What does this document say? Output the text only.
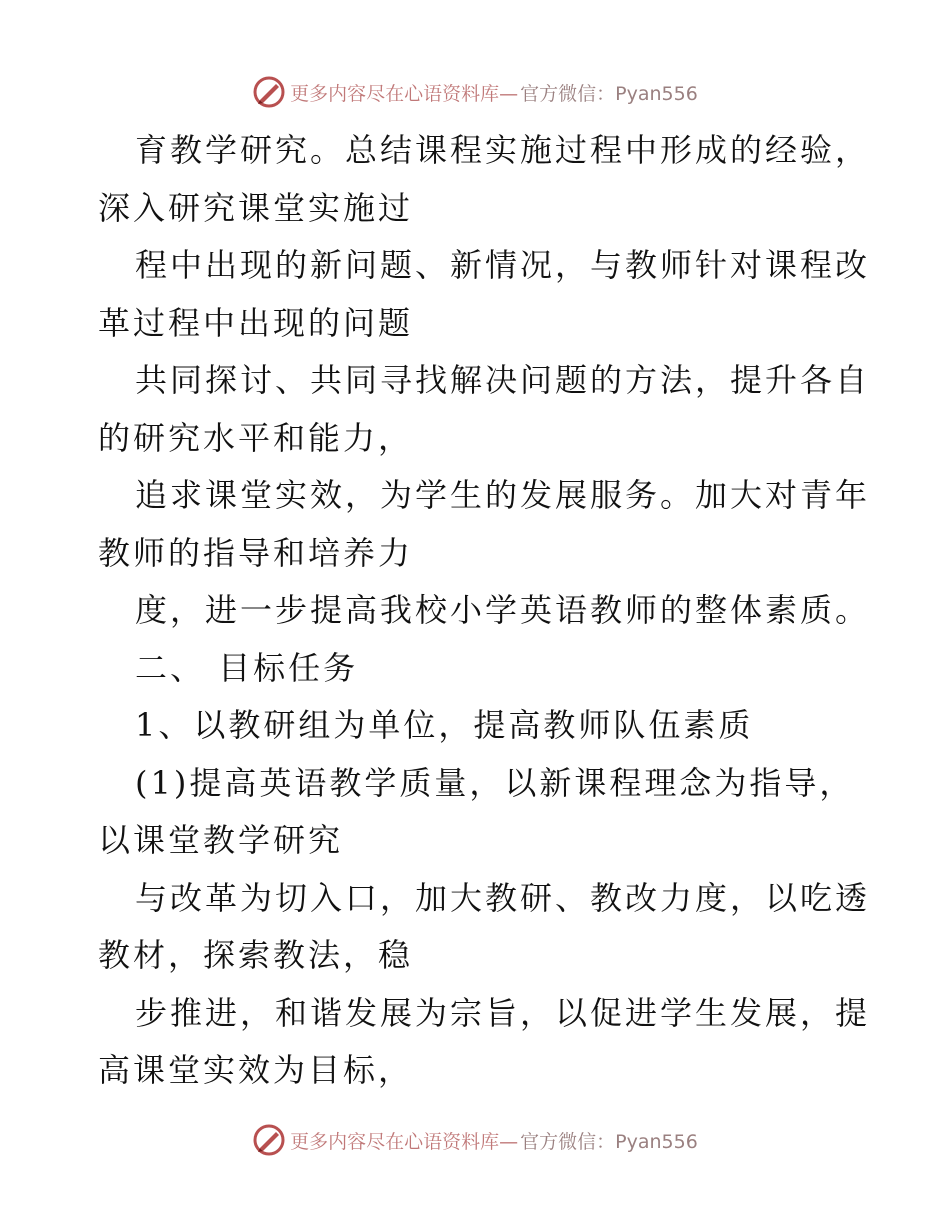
更多内容尽在心语资料库— 官方微信：Pyan556
育教学研究。总结课程实施过程中形成的经验，
深入研究课堂实施过
程中出现的新问题、新情况，与教师针对课程改
革过程中出现的问题
共同探讨、共同寻找解决问题的方法，提升各自
的研究水平和能力，
追求课堂实效，为学生的发展服务。加大对青年
教师的指导和培养力
度，进一步提高我校小学英语教师的整体素质。
二、 目标任务
1、以教研组为单位，提高教师队伍素质
(1)提高英语教学质量，以新课程理念为指导，
以课堂教学研究
与改革为切入口，加大教研、教改力度，以吃透
教材，探索教法，稳
步推进，和谐发展为宗旨，以促进学生发展，提
高课堂实效为目标，
更多内容尽在心语资料库— 官方微信：Pyan556
